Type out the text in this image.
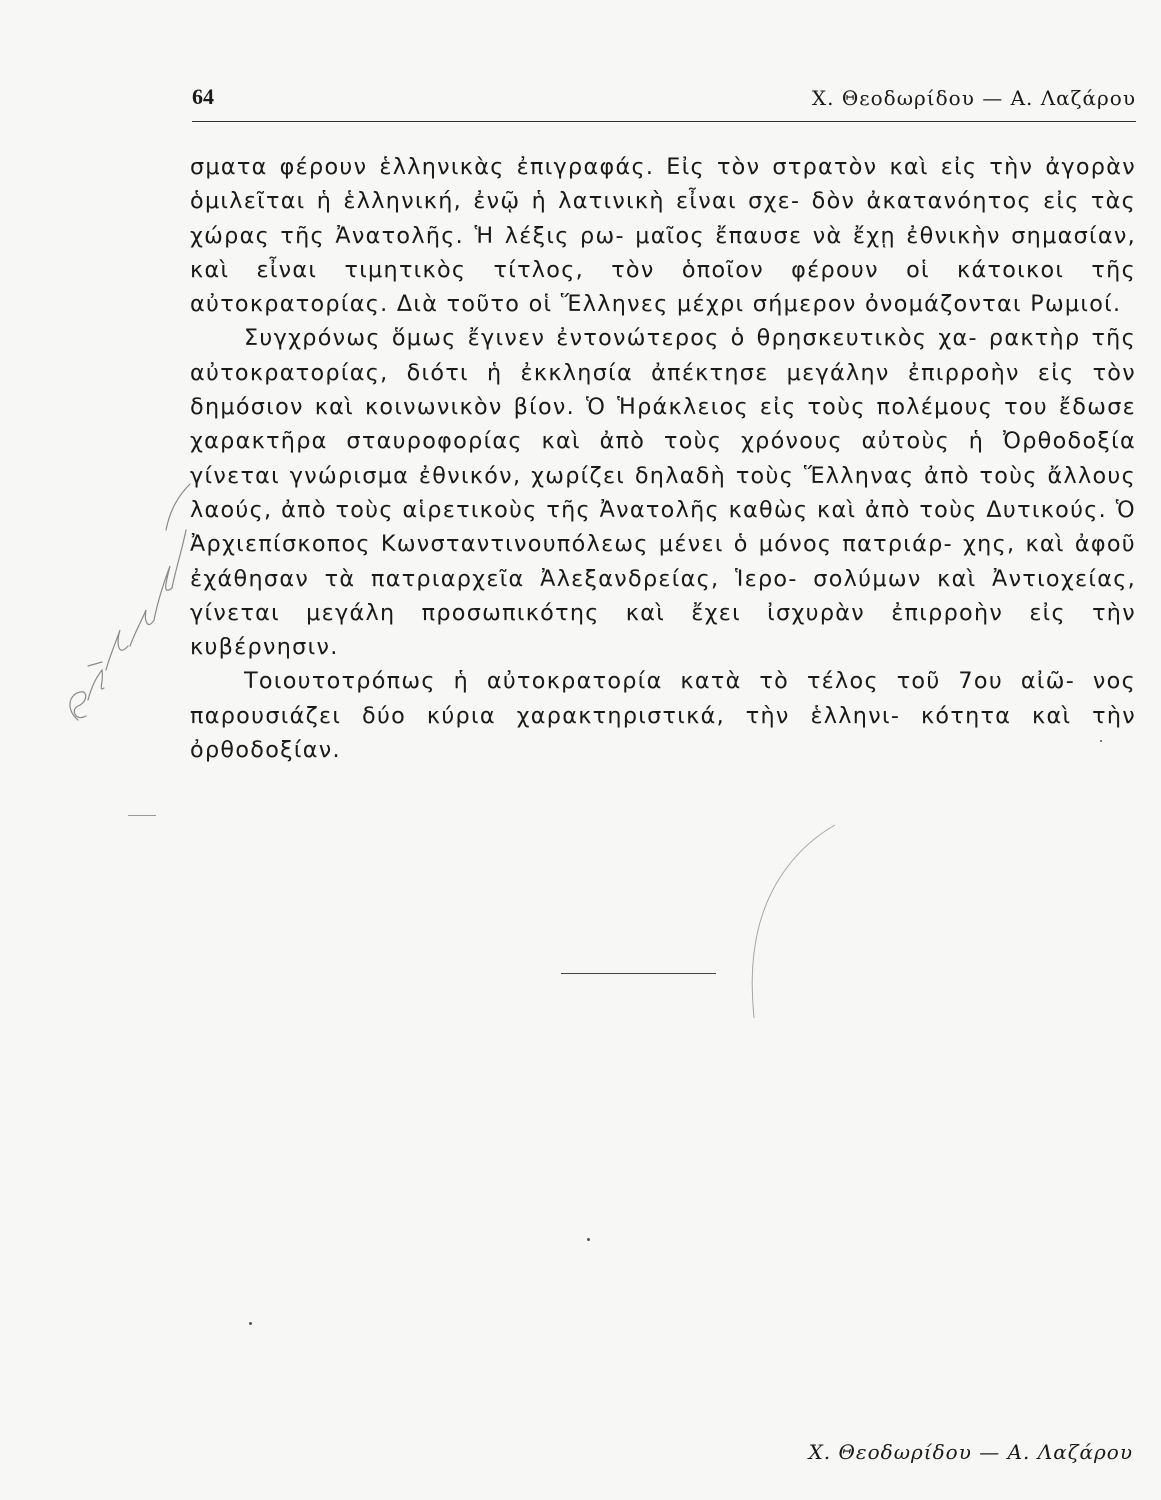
64	Χ. Θεοδωρίδου — Α. Λαζάρου

σματα φέρουν ἑλληνικὰς ἐπιγραφάς. Εἰς τὸν στρατὸν καὶ εἰς τὴν ἀγορὰν ὁμιλεῖται ἡ ἑλληνική, ἐνῷ ἡ λατινικὴ εἶναι σχε- δὸν ἀκατανόητος εἰς τὰς χώρας τῆς Ἀνατολῆς. Ἡ λέξις ρω- μαῖος ἔπαυσε νὰ ἔχῃ ἐθνικὴν σημασίαν, καὶ εἶναι τιμητικὸς τίτλος, τὸν ὁποῖον φέρουν οἱ κάτοικοι τῆς αὐτοκρατορίας. Διὰ τοῦτο οἱ Ἕλληνες μέχρι σήμερον ὀνομάζονται Ρωμιοί.

Συγχρόνως ὅμως ἔγινεν ἐντονώτερος ὁ θρησκευτικὸς χα- ρακτὴρ τῆς αὐτοκρατορίας, διότι ἡ ἐκκλησία ἀπέκτησε μεγάλην ἐπιρροὴν εἰς τὸν δημόσιον καὶ κοινωνικὸν βίον. Ὁ Ἡράκλειος εἰς τοὺς πολέμους του ἔδωσε χαρακτῆρα σταυροφορίας καὶ ἀπὸ τοὺς χρόνους αὐτοὺς ἡ Ὀρθοδοξία γίνεται γνώρισμα ἐθνικόν, χωρίζει δηλαδὴ τοὺς Ἕλληνας ἀπὸ τοὺς ἄλλους λαούς, ἀπὸ τοὺς αἱρετικοὺς τῆς Ἀνατολῆς καθὼς καὶ ἀπὸ τοὺς Δυτικούς. Ὁ Ἀρχιεπίσκοπος Κωνσταντινουπόλεως μένει ὁ μόνος πατριάρ- χης, καὶ ἀφοῦ ἐχάθησαν τὰ πατριαρχεῖα Ἀλεξανδρείας, Ἱερο- σολύμων καὶ Ἀντιοχείας, γίνεται μεγάλη προσωπικότης καὶ ἔχει ἰσχυρὰν ἐπιρροὴν εἰς τὴν κυβέρνησιν.

Τοιουτοτρόπως ἡ αὐτοκρατορία κατὰ τὸ τέλος τοῦ 7ου αἰῶ- νος παρουσιάζει δύο κύρια χαρακτηριστικά, τὴν ἑλληνι- κότητα καὶ τὴν ὀρθοδοξίαν.

Χ. Θεοδωρίδου — Α. Λαζάρου
